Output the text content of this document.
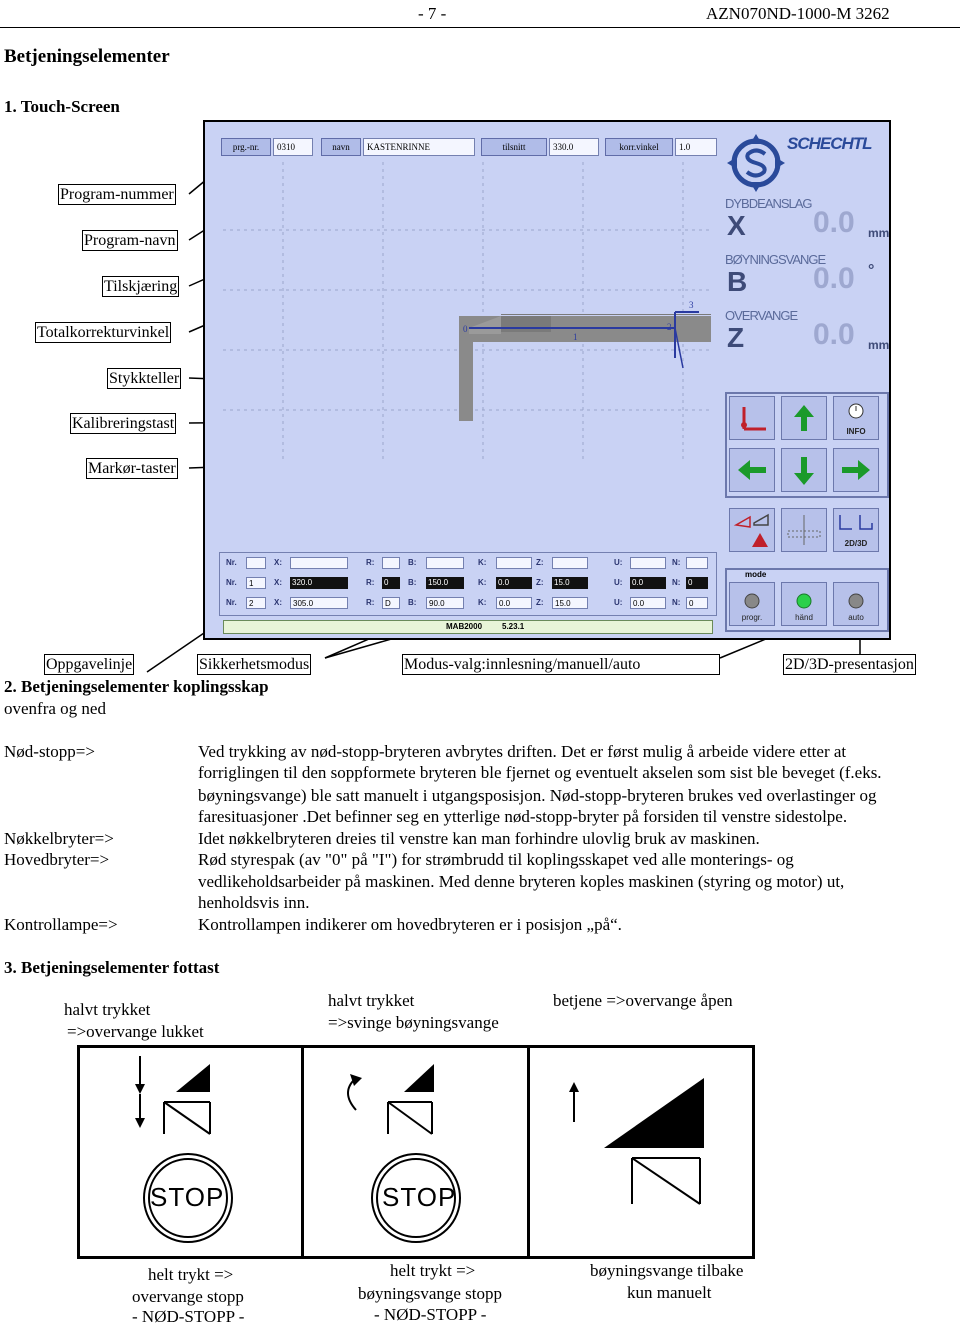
- 7 -	AZN070ND-1000-M 3262
Betjeningselementer
1. Touch-Screen
Program-nummer
Program-navn
Tilskjæring
Totalkorrekturvinkel
Stykkteller
Kalibreringstast
Markør-taster
prg.-nr.	0310	navn	KASTENRINNE	tilsnitt	330.0	korr.vinkel	1.0	SCHECHTL
DYBDEANSLAG
X 0.0 mm
BØYNINGSVANGE
B 0.0 °
OVERVANGE
Z 0.0 mm
0
1
2
3
INFO
2D/3D
mode
progr.	händ	auto
Nr.	X:	R:	B:	K:	Z:	U:	N:
Nr.	1	X: 320.0	R: 0	B: 150.0	K: 0.0	Z: 15.0	U: 0.0	N: 0
Nr.	2	X:	305.0	R:	D	B:	90.0	K:	0.0	Z:	15.0	U:	0.0	N:	0
MAB2000 5.23.1
Oppgavelinje	Sikkerhetsmodus	Modus-valg:innlesning/manuell/auto	2D/3D-presentasjon
2. Betjeningselementer koplingsskap
ovenfra og ned
Nød-stopp=>	Ved trykking av nød-stopp-bryteren avbrytes driften. Det er først mulig å arbeide videre etter at
forriglingen til den soppformete bryteren ble fjernet og eventuelt akselen som sist ble beveget (f.eks.
bøyningsvange) ble satt manuelt i utgangsposisjon. Nød-stopp-bryteren brukes ved overlastinger og
faresituasjoner .Det befinner seg en ytterlige nød-stopp-bryter på forsiden til venstre sidestolpe.
Nøkkelbryter=>	Idet nøkkelbryteren dreies til venstre kan man forhindre ulovlig bruk av maskinen.
Hovedbryter=>	Rød styrespak (av "0" på "I") for strømbrudd til koplingsskapet ved alle monterings- og
vedlikeholdsarbeider på maskinen. Med denne bryteren koples maskinen (styring og motor) ut,
henholdsvis inn.
Kontrollampe=>	Kontrollampen indikerer om hovedbryteren er i posisjon „på“.
3. Betjeningselementer fottast
halvt trykket
=>overvange lukket
halvt trykket
=>svinge bøyningsvange
betjene =>overvange åpen
STOP	STOP
helt trykt =>
overvange stopp
- NØD-STOPP -
helt trykt =>
bøyningsvange stopp
- NØD-STOPP -
bøyningsvange tilbake
kun manuelt
